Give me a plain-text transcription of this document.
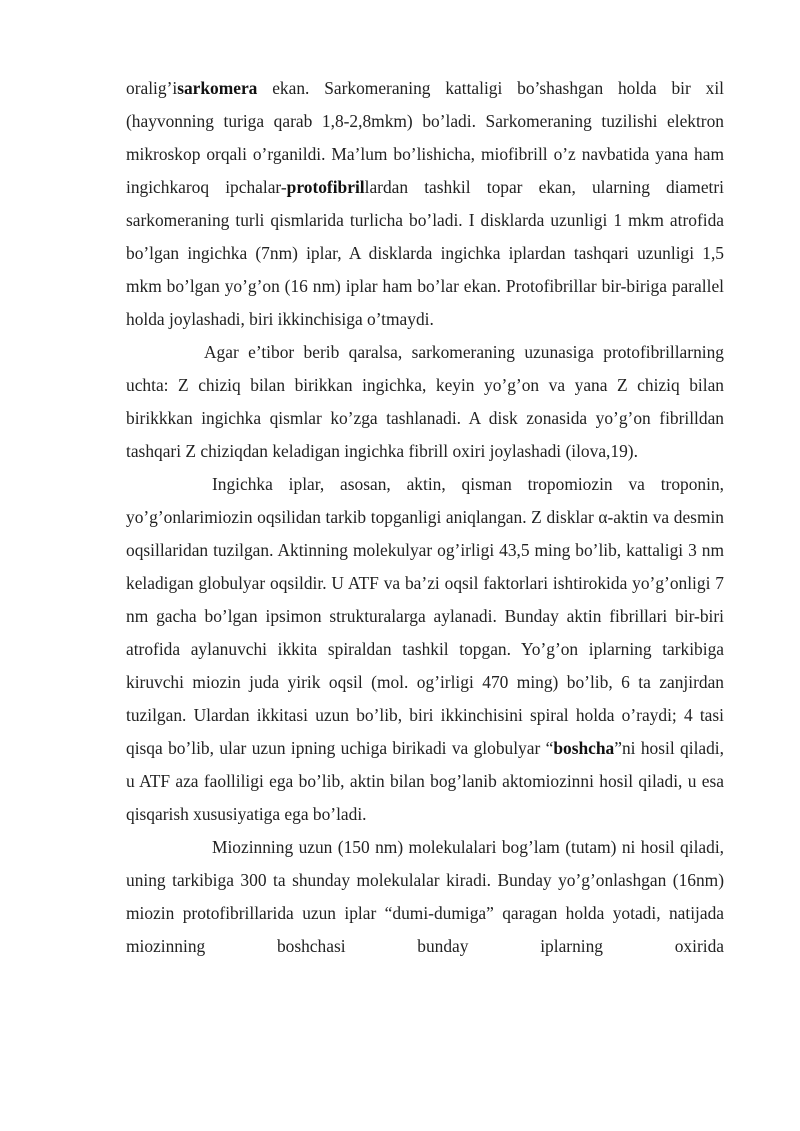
oralig’isarkomera ekan. Sarkomeraning kattaligi bo’shashgan holda bir xil (hayvonning turiga qarab 1,8-2,8mkm) bo’ladi. Sarkomeraning tuzilishi elektron mikroskop orqali o’rganildi. Ma’lum bo’lishicha, miofibrill o’z navbatida yana ham ingichkaroq ipchalar-protofibrillardan tashkil topar ekan, ularning diametri sarkomeraning turli qismlarida turlicha bo’ladi. I disklarda uzunligi 1 mkm atrofida bo’lgan ingichka (7nm) iplar, A disklarda ingichka iplardan tashqari uzunligi 1,5 mkm bo’lgan yo’g’on (16 nm) iplar ham bo’lar ekan. Protofibrillar bir-biriga parallel holda joylashadi, biri ikkinchisiga o’tmaydi.

Agar e’tibor berib qaralsa, sarkomeraning uzunasiga protofibrillarning uchta: Z chiziq bilan birikkan ingichka, keyin yo’g’on va yana Z chiziq bilan birikkkan ingichka qismlar ko’zga tashlanadi. A disk zonasida yo’g’on fibrilldan tashqari Z chiziqdan keladigan ingichka fibrill oxiri joylashadi (ilova,19).

Ingichka iplar, asosan, aktin, qisman tropomiozin va troponin, yo’g’onlarimiozin oqsilidan tarkib topganligi aniqlangan. Z disklar α-aktin va desmin oqsillaridan tuzilgan. Aktinning molekulyar og’irligi 43,5 ming bo’lib, kattaligi 3 nm keladigan globulyar oqsildir. U ATF va ba’zi oqsil faktorlari ishtirokida yo’g’onligi 7 nm gacha bo’lgan ipsimon strukturalarga aylanadi. Bunday aktin fibrillari bir-biri atrofida aylanuvchi ikkita spiraldan tashkil topgan. Yo’g’on iplarning tarkibiga kiruvchi miozin juda yirik oqsil (mol. og’irligi 470 ming) bo’lib, 6 ta zanjirdan tuzilgan. Ulardan ikkitasi uzun bo’lib, biri ikkinchisini spiral holda o’raydi; 4 tasi qisqa bo’lib, ular uzun ipning uchiga birikadi va globulyar “boshcha”ni hosil qiladi, u ATF aza faolliligi ega bo’lib, aktin bilan bog’lanib aktomiozinni hosil qiladi, u esa qisqarish xususiyatiga ega bo’ladi.

Miozinning uzun (150 nm) molekulalari bog’lam (tutam) ni hosil qiladi, uning tarkibiga 300 ta shunday molekulalar kiradi. Bunday yo’g’onlashgan (16nm) miozin protofibrillarida uzun iplar “dumi-dumiga” qaragan holda yotadi, natijada miozinning boshchasi bunday iplarning oxirida
